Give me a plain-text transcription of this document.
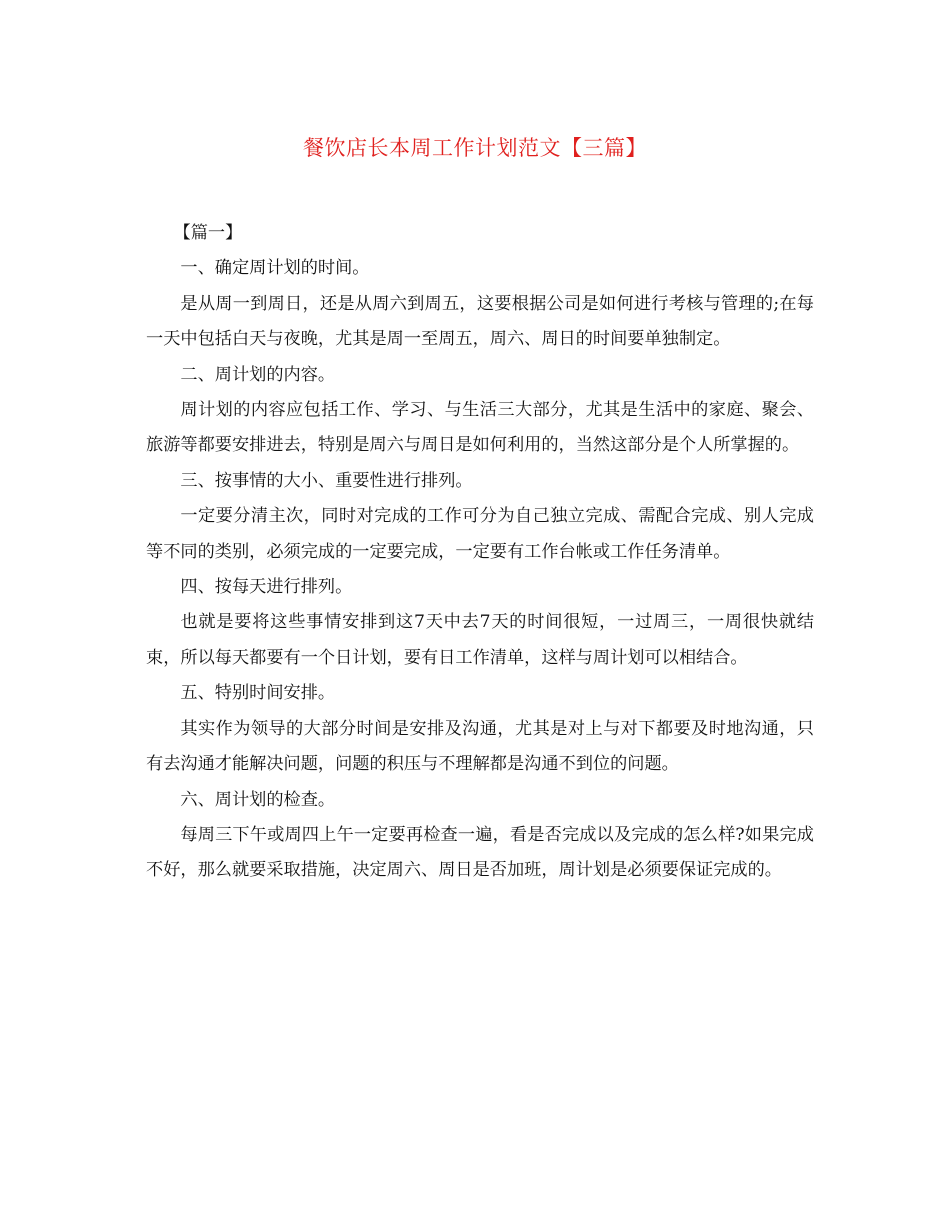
餐饮店长本周工作计划范文【三篇】

【篇一】

一、确定周计划的时间。

是从周一到周日，还是从周六到周五，这要根据公司是如何进行考核与管理的;在每一天中包括白天与夜晚，尤其是周一至周五，周六、周日的时间要单独制定。

二、周计划的内容。

周计划的内容应包括工作、学习、与生活三大部分，尤其是生活中的家庭、聚会、旅游等都要安排进去，特别是周六与周日是如何利用的，当然这部分是个人所掌握的。

三、按事情的大小、重要性进行排列。

一定要分清主次，同时对完成的工作可分为自己独立完成、需配合完成、别人完成等不同的类别，必须完成的一定要完成，一定要有工作台帐或工作任务清单。

四、按每天进行排列。

也就是要将这些事情安排到这7天中去7天的时间很短，一过周三，一周很快就结束，所以每天都要有一个日计划，要有日工作清单，这样与周计划可以相结合。

五、特别时间安排。

其实作为领导的大部分时间是安排及沟通，尤其是对上与对下都要及时地沟通，只有去沟通才能解决问题，问题的积压与不理解都是沟通不到位的问题。

六、周计划的检查。

每周三下午或周四上午一定要再检查一遍，看是否完成以及完成的怎么样?如果完成不好，那么就要采取措施，决定周六、周日是否加班，周计划是必须要保证完成的。
